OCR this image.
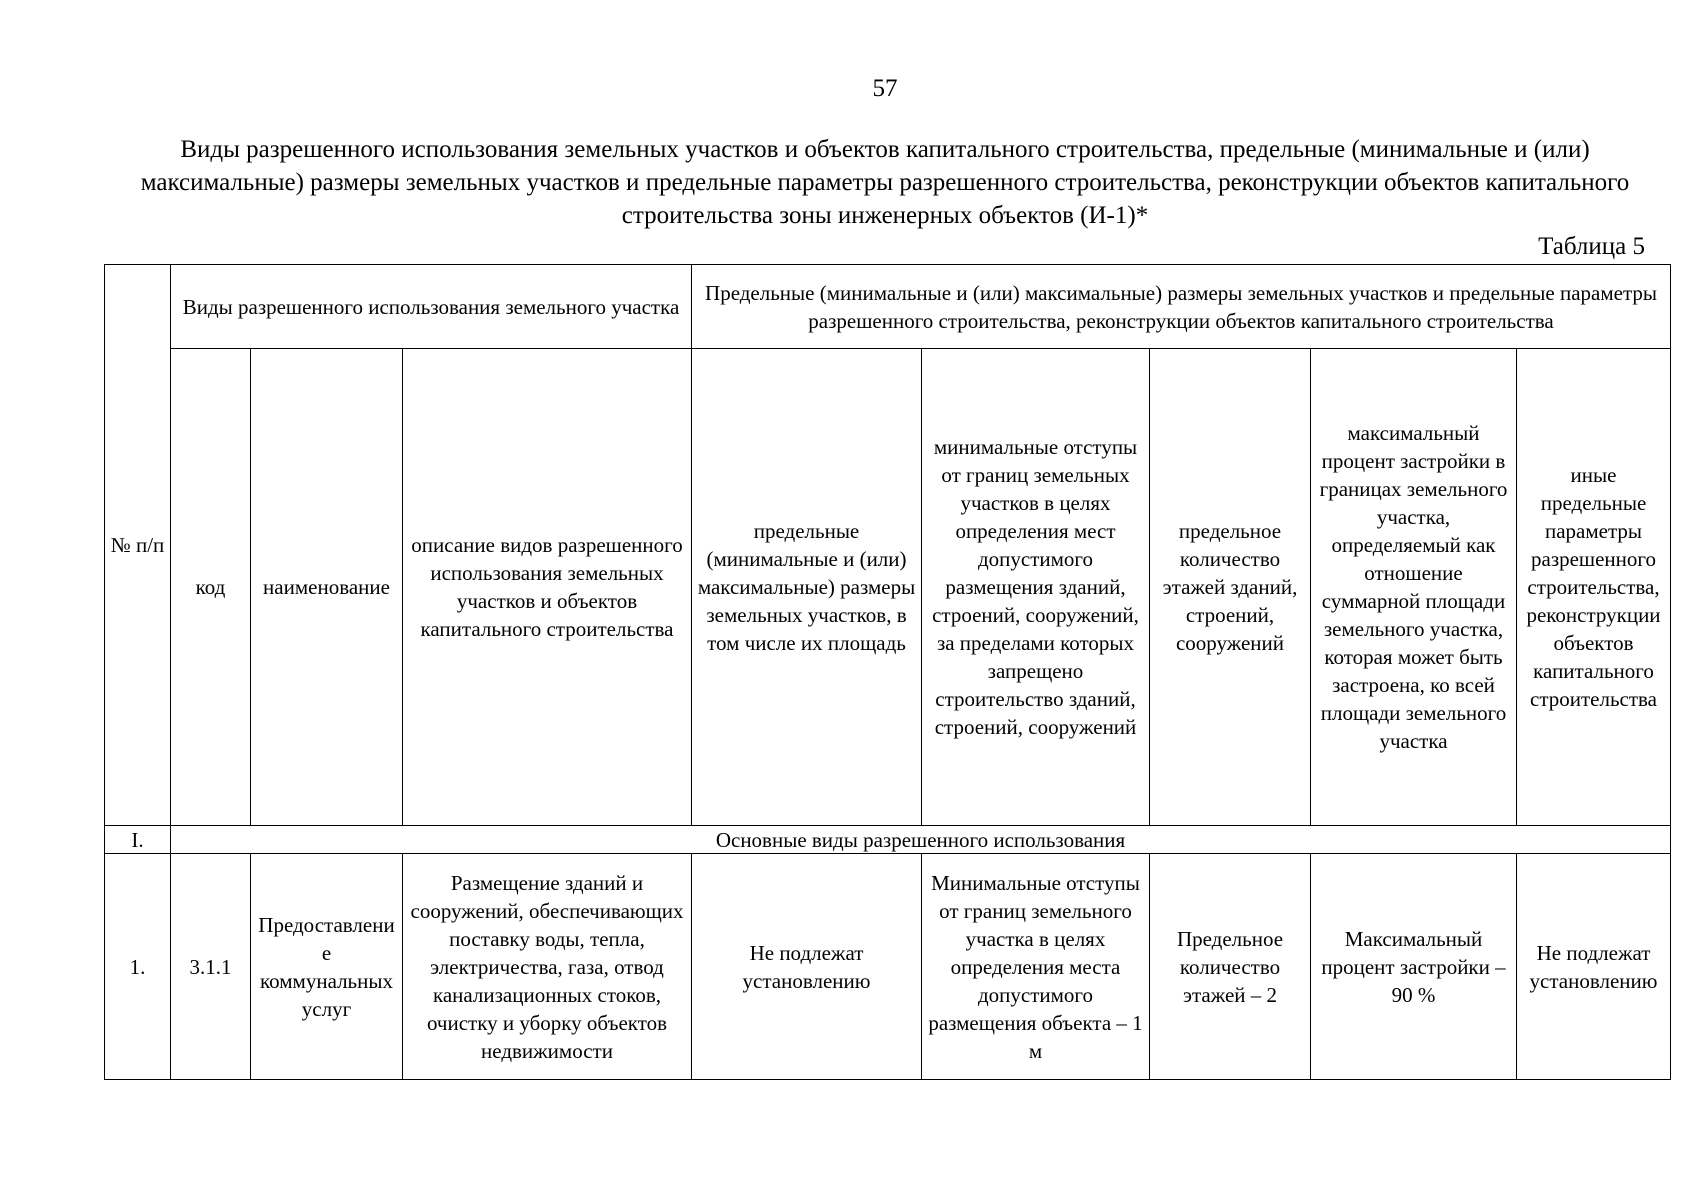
57
Виды разрешенного использования земельных участков и объектов капитального строительства, предельные (минимальные и (или) максимальные) размеры земельных участков и предельные параметры разрешенного строительства, реконструкции объектов капитального строительства зоны инженерных объектов (И-1)*
Таблица 5
№ п/п	Виды разрешенного использования земельного участка			Предельные (минимальные и (или) максимальные) размеры земельных участков и предельные параметры разрешенного строительства, реконструкции объектов капитального строительства				
	код	наименование	описание видов разрешенного использования земельных участков и объектов капитального строительства	предельные (минимальные и (или) максимальные) размеры земельных участков, в том числе их площадь	минимальные отступы от границ земельных участков в целях определения мест допустимого размещения зданий, строений, сооружений, за пределами которых запрещено строительство зданий, строений, сооружений	предельное количество этажей зданий, строений, сооружений	максимальный процент застройки в границах земельного участка, определяемый как отношение суммарной площади земельного участка, которая может быть застроена, ко всей площади земельного участка	иные предельные параметры разрешенного строительства, реконструкции объектов капитального строительства
I.	Основные виды разрешенного использования							
1.	3.1.1	Предоставление коммунальных услуг	Размещение зданий и сооружений, обеспечивающих поставку воды, тепла, электричества, газа, отвод канализационных стоков, очистку и уборку объектов недвижимости	Не подлежат установлению	Минимальные отступы от границ земельного участка в целях определения места допустимого размещения объекта – 1 м	Предельное количество этажей – 2	Максимальный процент застройки – 90 %	Не подлежат установлению
